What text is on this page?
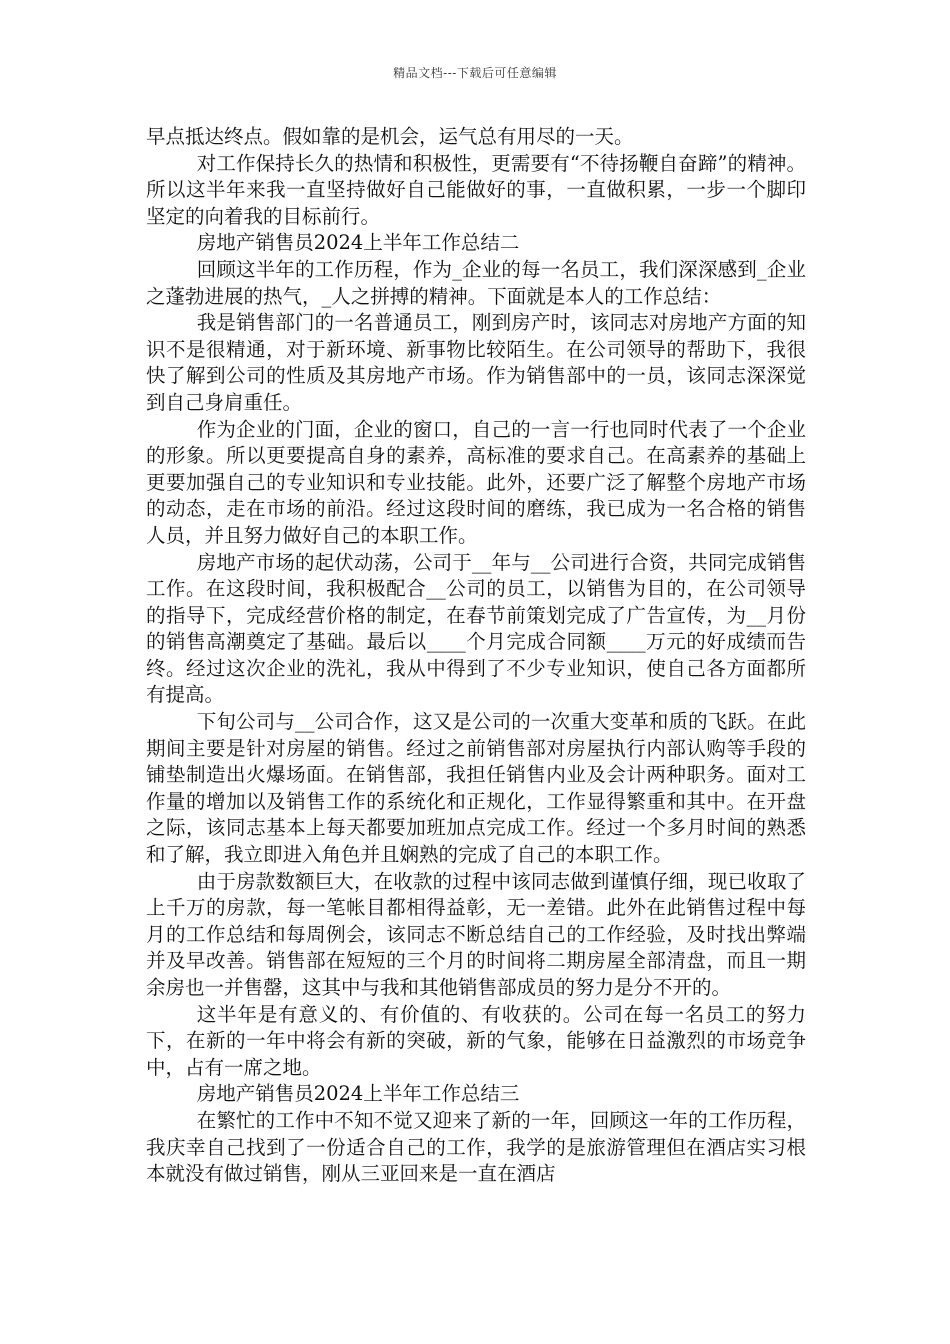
精品文档---下载后可任意编辑

早点抵达终点。假如靠的是机会，运气总有用尽的一天。

对工作保持长久的热情和积极性，更需要有“不待扬鞭自奋蹄”的精神。所以这半年来我一直坚持做好自己能做好的事，一直做积累，一步一个脚印坚定的向着我的目标前行。

房地产销售员2024上半年工作总结二

回顾这半年的工作历程，作为_企业的每一名员工，我们深深感到_企业之蓬勃进展的热气，_人之拼搏的精神。下面就是本人的工作总结：

我是销售部门的一名普通员工，刚到房产时，该同志对房地产方面的知识不是很精通，对于新环境、新事物比较陌生。在公司领导的帮助下，我很快了解到公司的性质及其房地产市场。作为销售部中的一员，该同志深深觉到自己身肩重任。

作为企业的门面，企业的窗口，自己的一言一行也同时代表了一个企业的形象。所以更要提高自身的素养，高标准的要求自己。在高素养的基础上更要加强自己的专业知识和专业技能。此外，还要广泛了解整个房地产市场的动态，走在市场的前沿。经过这段时间的磨练，我已成为一名合格的销售人员，并且努力做好自己的本职工作。

房地产市场的起伏动荡，公司于__年与__公司进行合资，共同完成销售工作。在这段时间，我积极配合__公司的员工，以销售为目的，在公司领导的指导下，完成经营价格的制定，在春节前策划完成了广告宣传，为__月份的销售高潮奠定了基础。最后以____个月完成合同额____万元的好成绩而告终。经过这次企业的洗礼，我从中得到了不少专业知识，使自己各方面都所有提高。

下旬公司与__公司合作，这又是公司的一次重大变革和质的飞跃。在此期间主要是针对房屋的销售。经过之前销售部对房屋执行内部认购等手段的铺垫制造出火爆场面。在销售部，我担任销售内业及会计两种职务。面对工作量的增加以及销售工作的系统化和正规化，工作显得繁重和其中。在开盘之际，该同志基本上每天都要加班加点完成工作。经过一个多月时间的熟悉和了解，我立即进入角色并且娴熟的完成了自己的本职工作。

由于房款数额巨大，在收款的过程中该同志做到谨慎仔细，现已收取了上千万的房款，每一笔帐目都相得益彰，无一差错。此外在此销售过程中每月的工作总结和每周例会，该同志不断总结自己的工作经验，及时找出弊端并及早改善。销售部在短短的三个月的时间将二期房屋全部清盘，而且一期余房也一并售罄，这其中与我和其他销售部成员的努力是分不开的。

这半年是有意义的、有价值的、有收获的。公司在每一名员工的努力下，在新的一年中将会有新的突破，新的气象，能够在日益激烈的市场竞争中，占有一席之地。

房地产销售员2024上半年工作总结三

在繁忙的工作中不知不觉又迎来了新的一年，回顾这一年的工作历程，我庆幸自己找到了一份适合自己的工作，我学的是旅游管理但在酒店实习根本就没有做过销售，刚从三亚回来是一直在酒店
